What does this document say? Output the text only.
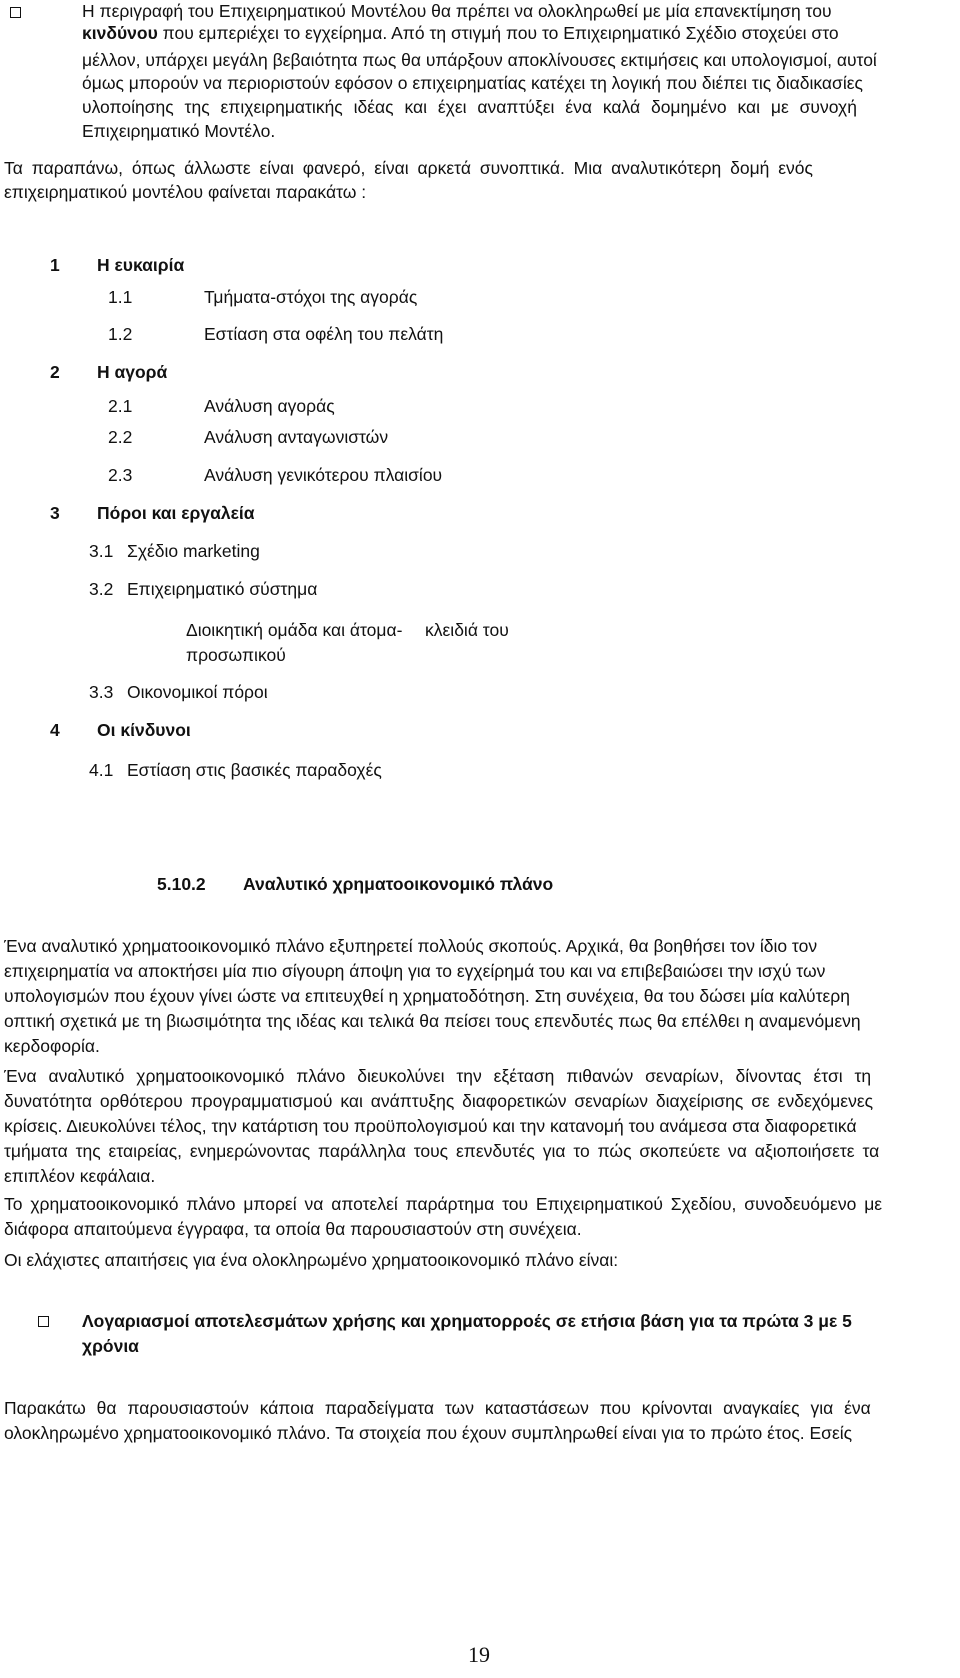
Η περιγραφή του Επιχειρηματικού Μοντέλου θα πρέπει να ολοκληρωθεί με μία επανεκτίμηση του
κινδύνου που εμπεριέχει το εγχείρημα. Από τη στιγμή που το Επιχειρηματικό Σχέδιο στοχεύει στο
μέλλον, υπάρχει μεγάλη βεβαιότητα πως θα υπάρξουν αποκλίνουσες εκτιμήσεις και υπολογισμοί, αυτοί
όμως μπορούν να περιοριστούν εφόσον ο επιχειρηματίας κατέχει τη λογική που διέπει τις διαδικασίες
υλοποίησης της επιχειρηματικής ιδέας και έχει αναπτύξει ένα καλά δομημένο και με συνοχή
Επιχειρηματικό Μοντέλο.
Τα παραπάνω, όπως άλλωστε είναι φανερό, είναι αρκετά συνοπτικά. Μια αναλυτικότερη δομή ενός
επιχειρηματικού μοντέλου φαίνεται παρακάτω :
1 Η ευκαιρία
1.1	Τμήματα-στόχοι της αγοράς
1.2	Εστίαση στα οφέλη του πελάτη
2 Η αγορά
2.1	Ανάλυση αγοράς
2.2	Ανάλυση ανταγωνιστών
2.3	Ανάλυση γενικότερου πλαισίου
3 Πόροι και εργαλεία
3.1 Σχέδιο marketing
3.2 Επιχειρηματικό σύστημα
Διοικητική ομάδα και άτομα- κλειδιά του
προσωπικού
3.3 Οικονομικοί πόροι
4 Οι κίνδυνοι
4.1 Εστίαση στις βασικές παραδοχές
5.10.2 Αναλυτικό χρηματοοικονομικό πλάνο
Ένα αναλυτικό χρηματοοικονομικό πλάνο εξυπηρετεί πολλούς σκοπούς. Αρχικά, θα βοηθήσει τον ίδιο τον
επιχειρηματία να αποκτήσει μία πιο σίγουρη άποψη για το εγχείρημά του και να επιβεβαιώσει την ισχύ των
υπολογισμών που έχουν γίνει ώστε να επιτευχθεί η χρηματοδότηση. Στη συνέχεια, θα του δώσει μία καλύτερη
οπτική σχετικά με τη βιωσιμότητα της ιδέας και τελικά θα πείσει τους επενδυτές πως θα επέλθει η αναμενόμενη
κερδοφορία.
Ένα αναλυτικό χρηματοοικονομικό πλάνο διευκολύνει την εξέταση πιθανών σεναρίων, δίνοντας έτσι τη
δυνατότητα ορθότερου προγραμματισμού και ανάπτυξης διαφορετικών σεναρίων διαχείρισης σε ενδεχόμενες
κρίσεις. Διευκολύνει τέλος, την κατάρτιση του προϋπολογισμού και την κατανομή του ανάμεσα στα διαφορετικά
τμήματα της εταιρείας, ενημερώνοντας παράλληλα τους επενδυτές για το πώς σκοπεύετε να αξιοποιήσετε τα
επιπλέον κεφάλαια.
Το χρηματοοικονομικό πλάνο μπορεί να αποτελεί παράρτημα του Επιχειρηματικού Σχεδίου, συνοδευόμενο με
διάφορα απαιτούμενα έγγραφα, τα οποία θα παρουσιαστούν στη συνέχεια.
Οι ελάχιστες απαιτήσεις για ένα ολοκληρωμένο χρηματοοικονομικό πλάνο είναι:
Λογαριασμοί αποτελεσμάτων χρήσης και χρηματορροές σε ετήσια βάση για τα πρώτα 3 με 5
χρόνια
Παρακάτω θα παρουσιαστούν κάποια παραδείγματα των καταστάσεων που κρίνονται αναγκαίες για ένα
ολοκληρωμένο χρηματοοικονομικό πλάνο. Τα στοιχεία που έχουν συμπληρωθεί είναι για το πρώτο έτος. Εσείς
19
